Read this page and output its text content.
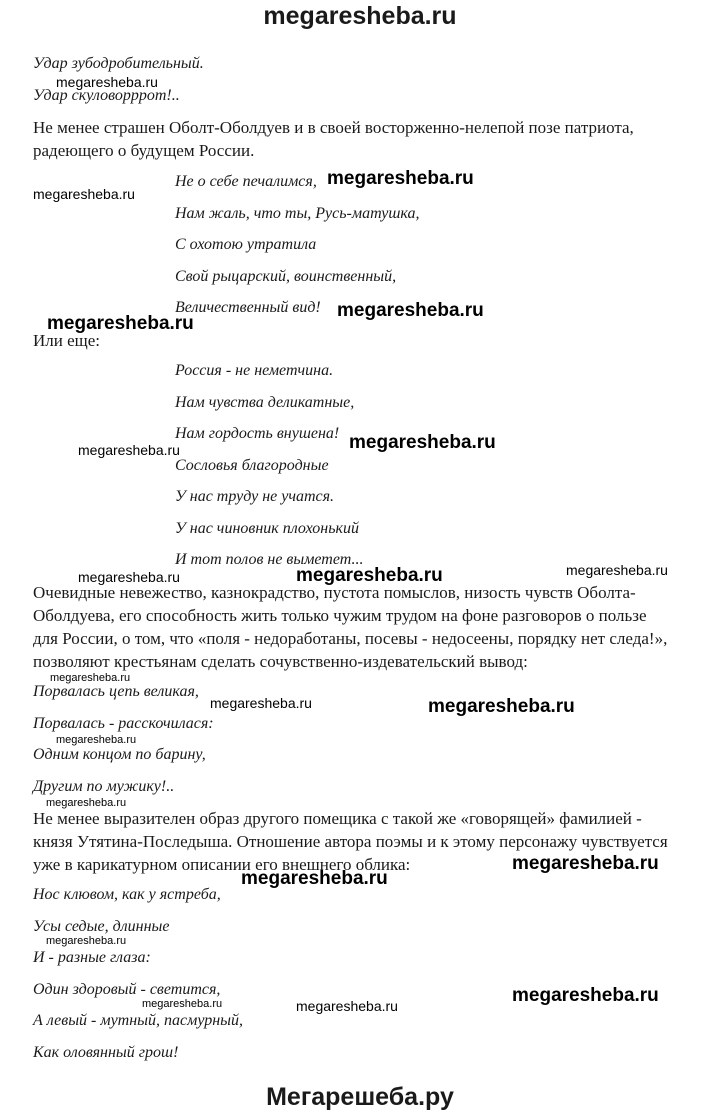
megaresheba.ru
Удар зубодробительный.
Удар скуловорррот!..
Не менее страшен Оболт-Оболдуев и в своей восторженно-нелепой позе патриота,
радеющего о будущем России.
Не о себе печалимся,
Нам жаль, что ты, Русь-матушка,
С охотою утратила
Свой рыцарский, воинственный,
Величественный вид!
Или еще:
Россия - не неметчина.
Нам чувства деликатные,
Нам гордость внушена!
Сословья благородные
У нас труду не учатся.
У нас чиновник плохонький
И тот полов не выметет...
Очевидные невежество, казнокрадство, пустота помыслов, низость чувств Оболта-
Оболдуева, его способность жить только чужим трудом на фоне разговоров о пользе
для России, о том, что «поля - недоработаны, посевы - недосеены, порядку нет следа!»,
позволяют крестьянам сделать сочувственно-издевательский вывод:
Порвалась цепь великая,
Порвалась - расскочилася:
Одним концом по барину,
Другим по мужику!..
Не менее выразителен образ другого помещика с такой же «говорящей» фамилией -
князя Утятина-Последыша. Отношение автора поэмы и к этому персонажу чувствуется
уже в карикатурном описании его внешнего облика:
Нос клювом, как у ястреба,
Усы седые, длинные
И - разные глаза:
Один здоровый - светится,
А левый - мутный, пасмурный,
Как оловянный грош!
megaresheba.ru
megaresheba.ru
megaresheba.ru
megaresheba.ru
megaresheba.ru
megaresheba.ru
megaresheba.ru
megaresheba.ru
megaresheba.ru
megaresheba.ru
megaresheba.ru
megaresheba.ru	megaresheba.ru
megaresheba.ru
megaresheba.ru
megaresheba.ru
megaresheba.ru
megaresheba.ru
megaresheba.ru
megaresheba.ru	megaresheba.ru
Мегарешеба.ру
